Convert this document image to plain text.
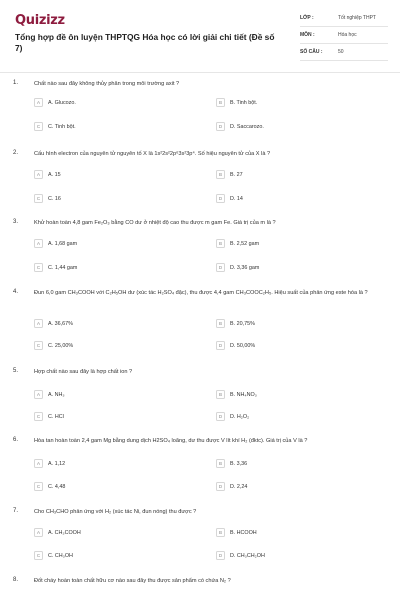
Quizizz
Tổng hợp đề ôn luyện THPTQG Hóa học có lời giải chi tiết (Đề số 7)
LỚP :	Tốt nghiệp THPT
MÔN :	Hóa học
SỐ CÂU :	50
1.	Chất nào sau đây không thủy phân trong môi trường axit ?
A	A. Glucozo.	B	B. Tinh bột.
C	C. Tinh bột.	D	D. Saccarozo.
2.	Cấu hình electron của nguyên tử nguyên tố X là 1s²2s²2p⁶3s²3p⁴. Số hiệu nguyên tử của X là ?
A	A. 15	B	B. 27
C	C. 16	D	D. 14
3.	Khử hoàn toàn 4,8 gam Fe₂O₃ bằng CO dư ở nhiệt độ cao thu được m gam Fe. Giá trị của m là ?
A	A. 1,68 gam	B	B. 2,52 gam
C	C. 1,44 gam	D	D. 3,36 gam
4.	Đun 6,0 gam CH₃COOH với C₂H₅OH dư (xúc tác H₂SO₄ đặc), thu được 4,4 gam CH₃COOC₂H₅. Hiệu suất của phản ứng este hóa là ?
A	A. 36,67%	B	B. 20,75%
C	C. 25,00%	D	D. 50,00%
5.	Hợp chất nào sau đây là hợp chất ion ?
A	A. NH₃	B	B. NH₄NO₃
C	C. HCl	D	D. H₂O₂
6.	Hòa tan hoàn toàn 2,4 gam Mg bằng dung dịch H2SO₄ loãng, dư thu được V lít khí H₂ (đktc). Giá trị của V là ?
A	A. 1,12	B	B. 3,36
C	C. 4,48	D	D. 2,24
7.	Cho CH₃CHO phản ứng với H₂ (xúc tác Ni, đun nóng) thu được ?
A	A. CH₃COOH	B	B. HCOOH
C	C. CH₃OH	D	D. CH₃CH₂OH
8.	Đốt cháy hoàn toàn chất hữu cơ nào sau đây thu được sản phẩm có chứa N₂ ?
